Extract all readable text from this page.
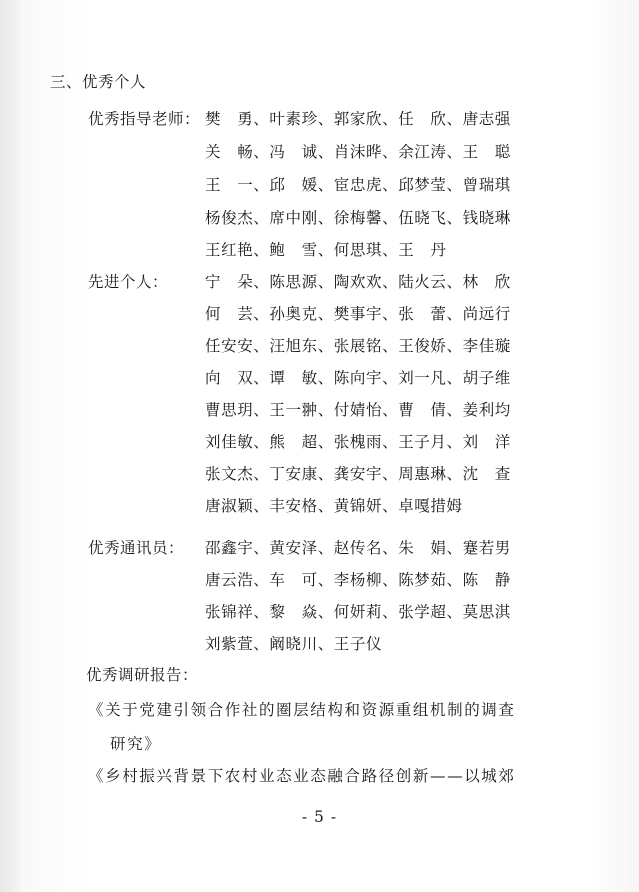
三、优秀个人
优秀指导老师： 樊　勇、叶素珍、郭家欣、任　欣、唐志强
关　畅、冯　诚、肖沫晔、余江涛、王　聪
王　一、邱　媛、宦忠虎、邱梦莹、曾瑞琪
杨俊杰、席中刚、徐梅馨、伍晓飞、钱晓琳
王红艳、鲍　雪、何思琪、王　丹
先进个人： 宁　朵、陈思源、陶欢欢、陆火云、林　欣
何　芸、孙奥克、樊事宇、张　蕾、尚远行
任安安、汪旭东、张展铭、王俊娇、李佳璇
向　双、谭　敏、陈向宇、刘一凡、胡子维
曹思玥、王一翀、付婧怡、曹　倩、姜利均
刘佳敏、熊　超、张槐雨、王子月、刘　洋
张文杰、丁安康、龚安宇、周惠琳、沈　查
唐淑颖、丰安格、黄锦妍、卓嘎措姆
优秀通讯员： 邵鑫宇、黄安泽、赵传名、朱　娟、蹇若男
唐云浩、车　可、李杨柳、陈梦茹、陈　静
张锦祥、黎　焱、何妍莉、张学超、莫思淇
刘紫萱、阚晓川、王子仪
优秀调研报告：
《关于党建引领合作社的圈层结构和资源重组机制的调查
研究》
《乡村振兴背景下农村业态业态融合路径创新——以城郊
- 5 -
